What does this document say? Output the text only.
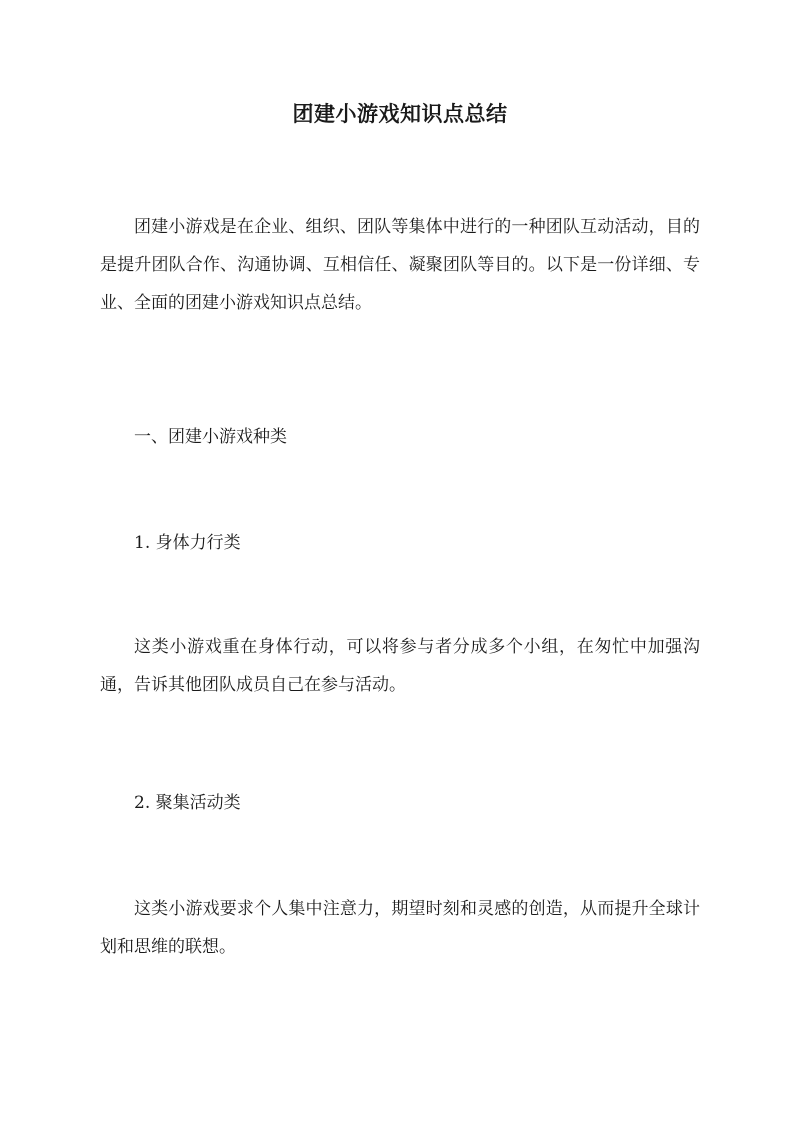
团建小游戏知识点总结

团建小游戏是在企业、组织、团队等集体中进行的一种团队互动活动，目的是提升团队合作、沟通协调、互相信任、凝聚团队等目的。以下是一份详细、专业、全面的团建小游戏知识点总结。

一、团建小游戏种类

1. 身体力行类

这类小游戏重在身体行动，可以将参与者分成多个小组，在匆忙中加强沟通，告诉其他团队成员自己在参与活动。

2. 聚集活动类

这类小游戏要求个人集中注意力，期望时刻和灵感的创造，从而提升全球计划和思维的联想。
